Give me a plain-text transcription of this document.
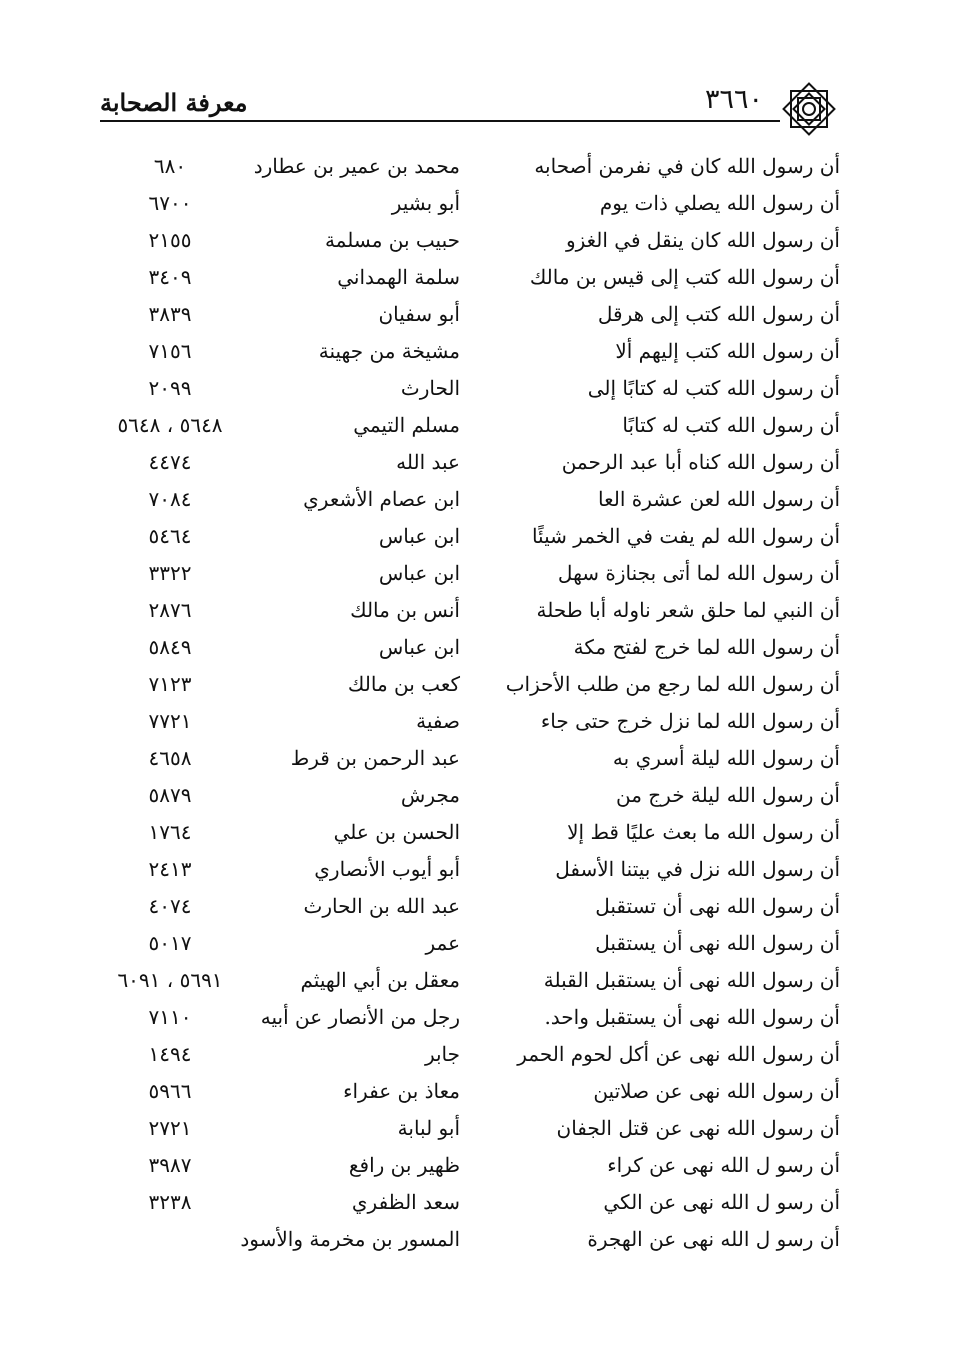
معرفة الصحابة	٣٦٦٠
أن رسول الله كان في نفرمن أصحابه
محمد بن عمير بن عطارد
٦٨٠
أن رسول الله يصلي ذات يوم
أبو بشير
٦٧٠٠
أن رسول الله كان ينقل في الغزو
حبيب بن مسلمة
٢١٥٥
أن رسول الله كتب إلى قيس بن مالك
سلمة الهمداني
٣٤٠٩
أن رسول الله كتب إلى هرقل
أبو سفيان
٣٨٣٩
أن رسول الله كتب إليهم ألا
مشيخة من جهينة
٧١٥٦
أن رسول الله كتب له كتابًا إلى
الحارث
٢٠٩٩
أن رسول الله كتب له كتابًا
مسلم التيمي
٥٦٤٨ ، ٥٦٤٨
أن رسول الله كناه أبا عبد الرحمن
عبد الله
٤٤٧٤
أن رسول الله لعن عشرة العا
ابن عصام الأشعري
٧٠٨٤
أن رسول الله لم يفت في الخمر شيئًا
ابن عباس
٥٤٦٤
أن رسول الله لما أتى بجنازة سهل
ابن عباس
٣٣٢٢
أن النبي لما حلق شعر ناوله أبا طحلة
أنس بن مالك
٢٨٧٦
أن رسول الله لما خرج لفتح مكة
ابن عباس
٥٨٤٩
أن رسول الله لما رجع من طلب الأحزاب
كعب بن مالك
٧١٢٣
أن رسول الله لما نزل خرج حتى جاء
صفية
٧٧٢١
أن رسول الله ليلة أسري به
عبد الرحمن بن قرط
٤٦٥٨
أن رسول الله ليلة خرج من
مجرش
٥٨٧٩
أن رسول الله ما بعث عليًا قط إلا
الحسن بن علي
١٧٦٤
أن رسول الله نزل في بيتنا الأسفل
أبو أيوب الأنصاري
٢٤١٣
أن رسول الله نهى أن تستقبل
عبد الله بن الحارث
٤٠٧٤
أن رسول الله نهى أن يستقبل
عمر
٥٠١٧
أن رسول الله نهى أن يستقبل القبلة
معقل بن أبي الهيثم
٥٦٩١ ، ٦٠٩١
أن رسول الله نهى أن يستقبل واحد.
رجل من الأنصار عن أبيه
٧١١٠
أن رسول الله نهى عن أكل لحوم الحمر
جابر
١٤٩٤
أن رسول الله نهى عن صلاتين
معاذ بن عفراء
٥٩٦٦
أن رسول الله نهى عن قتل الجفان
أبو لبابة
٢٧٢١
أن رسو ل الله نهى عن كراء
ظهير بن رافع
٣٩٨٧
أن رسو ل الله نهى عن الكي
سعد الظفري
٣٢٣٨
أن رسو ل الله نهى عن الهجرة
المسور بن مخرمة والأسود
